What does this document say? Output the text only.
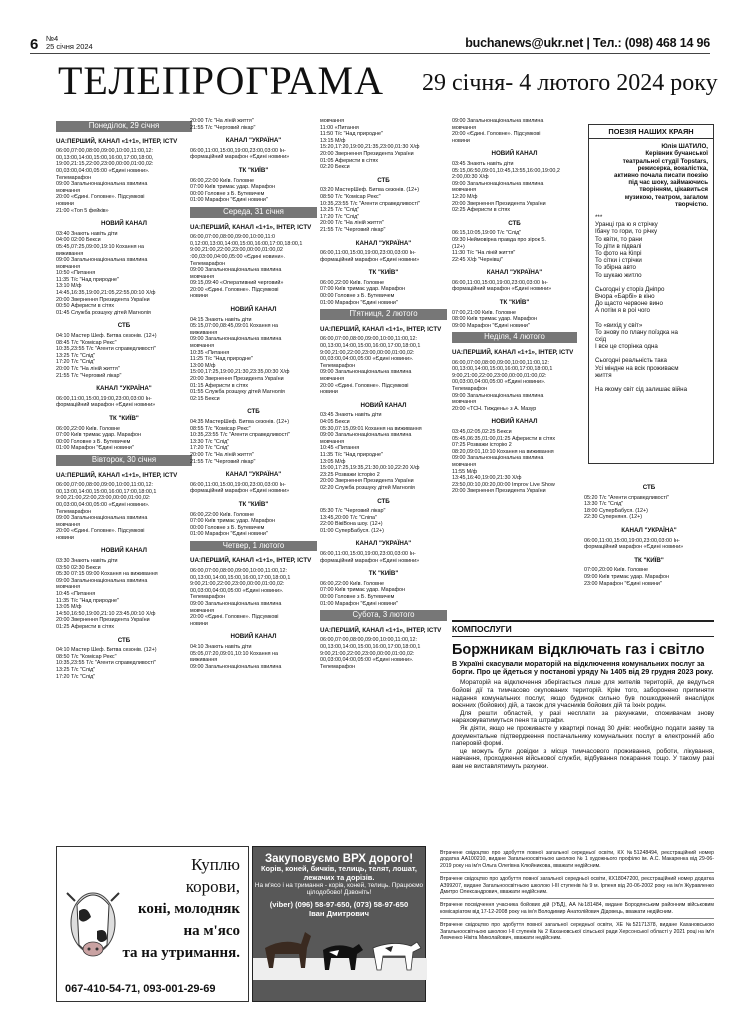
6 №4
25 січня 2024	buchanews@ukr.net | Тел.: (098) 468 14 96
ТЕЛЕПРОГРАМА 29 січня- 4 лютого 2024 року
Понеділок, 29 січня
UA:ПЕРШИЙ, КАНАЛ «1+1», ІНТЕР, ICTV
06:00,07:00,08:00,09:00,10:00,11:00,12:
00,13:00,14:00,15:00,16:00,17:00,18:00,
19:00,21:15,22:00,23:00,00:00,01:00,02:
00,03:00,04:00,05:00 «Єдині новини».
Телемарафон
09:00 Загальнонаціональна хвилина
мовчання
20:00 «Єдині. Головне». Підсумкові
новини
21:00 «Топ 5 фейків»
НОВИЙ КАНАЛ
03:40 Знають навіть діти
04:00 02:00 Бекси
05:45,07:25,09:00,19:10 Кохання на
виживання
09:00 Загальнонаціональна хвилина
мовчання
10:50 «Питання
11:35 Т/с "Над природне"
13:10 М/ф
14:45,16:35,19:00,21:05,22:55,00:10 Х/ф
20:00 Звернення Президента України
00:50 Аферисти в сітях
01:45 Служба розшуку дітей Магнолія
СТБ
04:10 Мастер Шеф. Битва сезонів. (12+)
08:45 Т/с "Комісар Рекс"
10:35,23:55 Т/с "Агенти справедливості"
13:25 Т/с "Слід"
17:20 Т/с "Слід"
20:00 Т/с "На ліній життя"
21:55 Т/с "Черговий лікар"
КАНАЛ "УКРАЇНА"
06:00,11:00,15:00,19:00,23:00,03:00 Ін-
формаційний марафон «Єдині новини»
ТК "КИЇВ"
06:00,22:00 Київ. Головне
07:00 Київ тримає удар. Марафон
00:00 Головне з Б. Бутевичем
01:00 Марафон "Єдині новини"
Вівторок, 30 січня
UA:ПЕРШИЙ, КАНАЛ «1+1», ІНТЕР, ICTV
06:00,07:00,08:00,09:00,10:00,11:00,12:
00,13:00,14:00,15:00,16:00,17:00,18:00,1
9:00,21:00,22:00,23:00,00:00,01:00,02:
00,03:00,04:00,05:00 «Єдині новини».
Телемарафон
09:00 Загальнонаціональна хвилина
мовчання
20:00 «Єдині. Головне». Підсумкові
новини
НОВИЙ КАНАЛ
03:30 Знають навіть діти
03:50 02:30 Бекси
05:30 07:15 09:00 Кохання на виживання
09:00 Загальнонаціональна хвилина
мовчання
10:45 «Питання
11:35 Т/с "Над природне"
13:05 М/ф
14:50,16:50,19:00,21:10 23:45,00:10 Х/ф
20:00 Звернення Президента України
01:25 Аферисти в сітях
СТБ
04:10 Мастер Шеф. Битва сезонів. (12+)
08:50 Т/с "Комісар Рекс"
10:35,23:55 Т/с "Агенти справедливості"
13:25 Т/с "Слід"
17:20 Т/с "Слід"
20:00 Т/с "На ліній життя"
21:55 Т/с "Черговий лікар"
КАНАЛ "УКРАЇНА"
06:00,11:00,15:00,19:00,23:00,03:00 Ін-
формаційний марафон «Єдині новини»
ТК "КИЇВ"
06:00,22:00 Київ. Головне
07:00 Київ тримає удар. Марафон
00:00 Головне з Б. Бутевичем
01:00 Марафон "Єдині новини"
Середа, 31 січня
UA:ПЕРШИЙ, КАНАЛ «1+1», ІНТЕР, ICTV
06:00,07:00,08:00,09:00,10:00,11:0
0,12:00,13:00,14:00,15:00,16:00,17:00,18:00,1
9:00,21:00,22:00,23:00,00:00,01:00,02
:00,03:00,04:00,05:00 «Єдині новини».
Телемарафон
09:00 Загальнонаціональна хвилина
мовчання
09:15,09:40 «Оперативний черговий»
20:00 «Єдині. Головне». Підсумкові
новини
НОВИЙ КАНАЛ
04:15 Знають навіть діти
05:15,07:00,08:45,09:01 Кохання на
виживання
09:00 Загальнонаціональна хвилина
мовчання
10:35 «Питання
11:25 Т/с "Над природне"
13:00 М/ф
15:00,17:25,19:00,21:30,23:35,00:30 Х/ф
20:00 Звернення Президента України
01:15 Аферисти в сітях
01:55 Служба розшуку дітей Магнолія
02:15 Бекси
СТБ
04:35 МастерШеф. Битва сезонів. (12+)
08:55 Т/с "Комісар Рекс"
10:35,23:55 Т/с "Агенти справедливості"
13:30 Т/с "Слід"
17:20 Т/с "Слід"
20:00 Т/с "На ліній життя"
21:55 Т/с "Черговий лікар"
КАНАЛ "УКРАЇНА"
06:00,11:00,15:00,19:00,23:00,03:00 Ін-
формаційний марафон «Єдині новини»
ТК "КИЇВ"
06:00,22:00 Київ. Головне
07:00 Київ тримає удар. Марафон
00:00 Головне з Б. Бутевичем
01:00 Марафон "Єдині новини"
Четвер, 1 лютого
UA:ПЕРШИЙ, КАНАЛ «1+1», ІНТЕР, ICTV
06:00,07:00,08:00,09:00,10:00,11:00,12:
00,13:00,14:00,15:00,16:00,17:00,18:00,1
9:00,21:00,22:00,23:00,00:00,01:00,02:
00,03:00,04:00,05:00 «Єдині новини».
Телемарафон
09:00 Загальнонаціональна хвилина
мовчання
20:00 «Єдині. Головне». Підсумкові
новини
НОВИЙ КАНАЛ
04:10 Знають навіть діти
05:05,07:20,09:01,10:10 Кохання на
виживання
09:00 Загальнонаціональна хвилина
мовчання
11:00 «Питання
11:50 Т/с "Над природне"
13:15 М/ф
15:20,17:20,19:00,21:35,23:00,01:30 Х/ф
20:00 Звернення Президента України
01:05 Аферисти в сітях
02:20 Бекси
СТБ
03:20 МастерШеф. Битва сезонів. (12+)
08:50 Т/с "Комісар Рекс"
10:35,23:55 Т/с "Агенти справедливості"
13:25 Т/с "Слід"
17:20 Т/с "Слід"
20:00 Т/с "На ліній життя"
21:55 Т/с "Черговий лікар"
КАНАЛ "УКРАЇНА"
06:00,11:00,15:00,19:00,23:00,03:00 Ін-
формаційний марафон «Єдині новини»
ТК "КИЇВ"
06:00,22:00 Київ. Головне
07:00 Київ тримає удар. Марафон
00:00 Головне з Б. Бутевичем
01:00 Марафон "Єдині новини"
П'ятниця, 2 лютого
UA:ПЕРШИЙ, КАНАЛ «1+1», ІНТЕР, ICTV
06:00,07:00,08:00,09:00,10:00,11:00,12:
00,13:00,14:00,15:00,16:00,17:00,18:00,1
9:00,21:00,22:00,23:00,00:00,01:00,02:
00,03:00,04:00,05:00 «Єдині новини».
Телемарафон
09:00 Загальнонаціональна хвилина
мовчання
20:00 «Єдині. Головне». Підсумкові
новини
НОВИЙ КАНАЛ
03:45 Знають навіть діти
04:05 Бекси
05:30,07:15,09:01 Кохання на виживання
09:00 Загальнонаціональна хвилина
мовчання
10:45 «Питання
11:35 Т/с "Над природне"
13:05 М/ф
15:00,17:25,19:35,21:30,00:10,22:20 Х/ф
23:25 Розважи історію 2
20:00 Звернення Президента України
02:20 Служба розшуку дітей Магнолія
СТБ
05:30 Т/с "Черговий лікар"
13:45,20:00 Т/с "Сліпа"
22:00 ВікіВона шоу. (12+)
01:00 СуперБабуся. (12+)
КАНАЛ "УКРАЇНА"
06:00,11:00,15:00,19:00,23:00,03:00 Ін-
формаційний марафон «Єдині новини»
ТК "КИЇВ"
06:00,22:00 Київ. Головне
07:00 Київ тримає удар. Марафон
00:00 Головне з Б. Бутевичем
01:00 Марафон "Єдині новини"
Субота, 3 лютого
UA:ПЕРШИЙ, КАНАЛ «1+1», ІНТЕР, ICTV
06:00,07:00,08:00,09:00,10:00,11:00,12:
00,13:00,14:00,15:00,16:00,17:00,18:00,1
9:00,21:00,22:00,23:00,00:00,01:00,02:
00,03:00,04:00,05:00 «Єдині новини».
Телемарафон
09:00 Загальнонаціональна хвилина
мовчання
20:00 «Єдині. Головне». Підсумкові
новини
НОВИЙ КАНАЛ
03:45 Знають навіть діти
05:15,06:50,09:01,10:45,13:55,16:00,19:00,2
2:00,00:30 Х/ф
09:00 Загальнонаціональна хвилина
мовчання
12:20 М/ф
20:00 Звернення Президента України
02:25 Аферисти в сітях
СТБ
06:15,10:05,19:00 Т/с "Слід"
09:30 Неймовірна правда про зірок 5.
(12+)
11:30 Т/с "На ліній життя"
22:45 Х/ф "Чернівці"
КАНАЛ "УКРАЇНА"
06:00,11:00,15:00,19:00,23:00,03:00 Ін-
формаційний марафон «Єдині новини»
ТК "КИЇВ"
07:00,21:00 Київ. Головне
08:00 Київ тримає удар. Марафон
09:00 Марафон "Єдині новини"
Неділя, 4 лютого
UA:ПЕРШИЙ, КАНАЛ «1+1», ІНТЕР, ICTV
06:00,07:00,08:00,09:00,10:00,11:00,12:
00,13:00,14:00,15:00,16:00,17:00,18:00,1
9:00,21:00,22:00,23:00,00:00,01:00,02:
00,03:00,04:00,05:00 «Єдині новини».
Телемарафон
09:00 Загальнонаціональна хвилина
мовчання
20:00 «ТСН. Тиждень» з А. Мазур
НОВИЙ КАНАЛ
03:45,02:05,02:25 Бекси
05:45,06:35,01:00,01:25 Аферисти в сітях
07:25 Розважи історію 2
08:20,09:01,10:10 Кохання на виживання
09:00 Загальнонаціональна хвилина
мовчання
11:55 М/ф
13:45,16:40,19:00,21:30 Х/ф
23:50,00:10,00:20,00:00 Improv Live Show
20:00 Звернення Президента України
ПОЕЗІЯ НАШИХ КРАЯН
Юлія ШАТИЛО,
Керівник бучанської
театральної студії Topstars,
режисерка, вокалістка,
активно почала писати поезію
під час шоку, займаючись
творінням, цікавиться
музикою, театром, загалом
творчістю.
***
Уранці гра ю я стрічку
Ібачу то гори, то річку
То квіти, то рани
То діти в підвалі
То фото на Кіпрі
То сітки і стрічки
То збірна авто
То шукаю житло
Сьогодні у сторіз Дніпро
Вчора «Барбі» в кіно
До щасто червоне вино
А потім я в роі чого
То «вихід у світ»
То знову по плану поїздка на
схід
І все це сторінка одна
Сьогодні реальність така
Усі міндне на всік проживаєм
життя
На якому світ сід залишає війна
СТБ
05:20 Т/с "Агенти справедливості"
13:30 Т/с "Слід"
18:00 СуперБабуся. (12+)
22:30 Суперняня. (12+)
КАНАЛ "УКРАЇНА"
06:00,11:00,15:00,19:00,23:00,03:00 Ін-
формаційний марафон «Єдині новини»
ТК "КИЇВ"
07:00,20:00 Київ. Головне
09:00 Київ тримає удар. Марафон
23:00 Марафон "Єдині новини"
КОМПОСЛУГИ
Боржникам відключать газ і світло
В Україні скасували мораторій на відключення комунальних послуг за борги. Про це йдеться у постанові уряду № 1405 від 29 грудня 2023 року.

Мораторій на відключення зберігається лише для жителів територій, де ведуться бойові дії та тимчасово окупованих територій. Крім того, заборонено припиняти надання комунальних послуг, якщо будинок сильно був пошкоджений внаслідок воєнних (бойових) дій, а також для учасників бойових дій та їхніх родин.

Для решти областей, у разі несплати за рахунками, споживачам знову нараховуватимуться пеня та штрафи.

Як діяти, якщо не проживаєте у квартирі понад 30 днів: необхідно подати заяву та документальне підтвердження постачальнику комунальних послуг в електронній або паперовій формі.

це можуть бути довідки з місця тимчасового проживання, роботи, лікування, навчання, проходження військової служби, відбування покарання тощо. У такому разі вам не виставлятимуть рахунки.

Куплю
корови,
коні, молодняк
на м'ясо
та на утримання.
067-410-54-71, 093-001-29-69
Закуповуємо ВРХ дорого!
Корів, коней, бичків, телиць, телят, лошат, лежачих та дорізів.
На м'ясо і на тримання - корів, коней, телиць. Працюємо цілодобово! Дзвоніть!
(viber) (096) 58-97-650, (073) 58-97-650
Іван Дмитрович

Втрачене свідоцтво про здобуття повної загальної середньої освіти, КХ №51248494, реєстраційний номер додатка АА100210, видане Загальноосвітньою школою № 1 художнього профілю ім. А.С. Макаренка від 29-06-2019 року на ім'я Ольга Олегівна Клюйникова, вважати недійсним.

Втрачене свідоцтво про здобуття повної загальної середньої освіти, КХ18047200, реєстраційний номер додатка АЗ99207, видане Загальноосвітньою школою І-ІІІ ступенів № 9 м. Ірпеня від 20-06-2002 року на ім'я Журавленко Дмитро Олександрович, вважати недійсним.

Втрачене посвідчення учасника бойових дій (УБД), АА №181484, видане Бородянським районним військовим комісаріатом від 17-12-2008 року на ім'я Володимир Анатолійович Дідовець, вважати недійсним.

Втрачене свідоцтво про здобуття повної загальної середньої освіти, ХЕ №52171378, видане Кахановською Загальноосвітньою школою І-ІІ ступенів № 2 Кахановської сільської ради Херсонської області у 2021 році на ім'я Левченко Нікіта Миколайович, вважати недійсним.
